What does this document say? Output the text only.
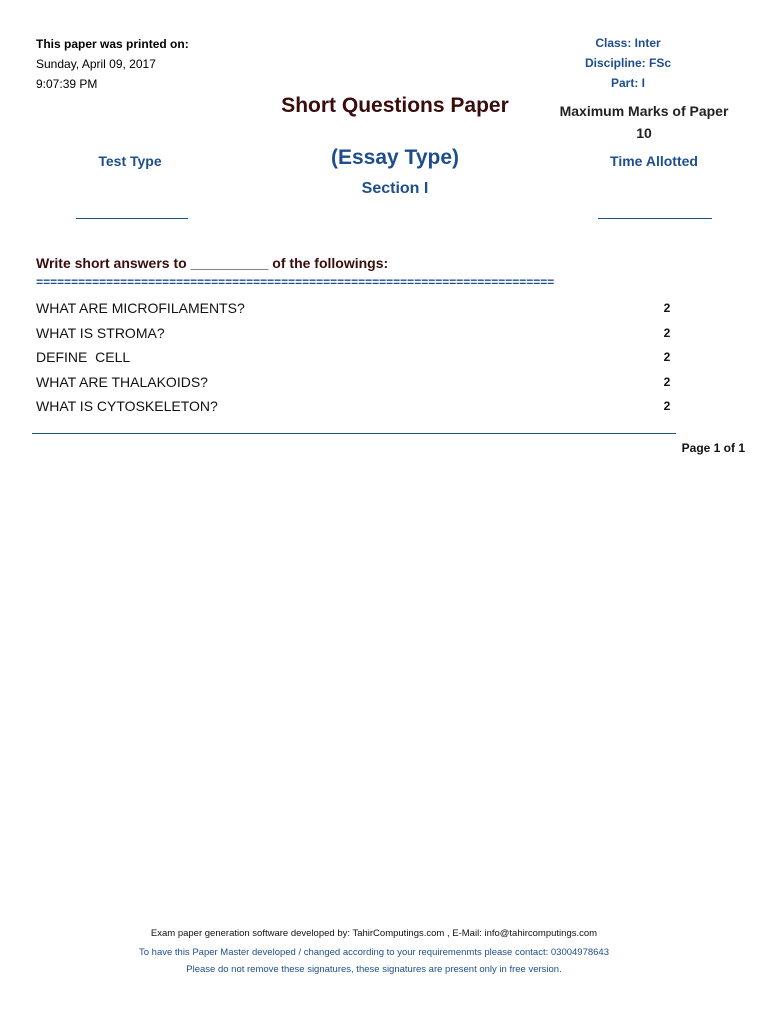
This paper was printed on:
Sunday, April 09, 2017
9:07:39 PM
Class: Inter
Discipline: FSc
Part: I
Short Questions Paper	Maximum Marks of Paper
10
Test Type	(Essay Type)
Section I
Time Allotted
Write short answers to __________ of the followings:
==========================================================================
WHAT ARE MICROFILAMENTS?	2
WHAT IS STROMA?	2
DEFINE  CELL	2
WHAT ARE THALAKOIDS?	2
WHAT IS CYTOSKELETON?	2
Page 1 of 1
Exam paper generation software developed by: TahirComputings.com , E-Mail: info@tahircomputings.com
To have this Paper Master developed / changed according to your requiremenmts please contact: 03004978643
Please do not remove these signatures, these signatures are present only in free version.
